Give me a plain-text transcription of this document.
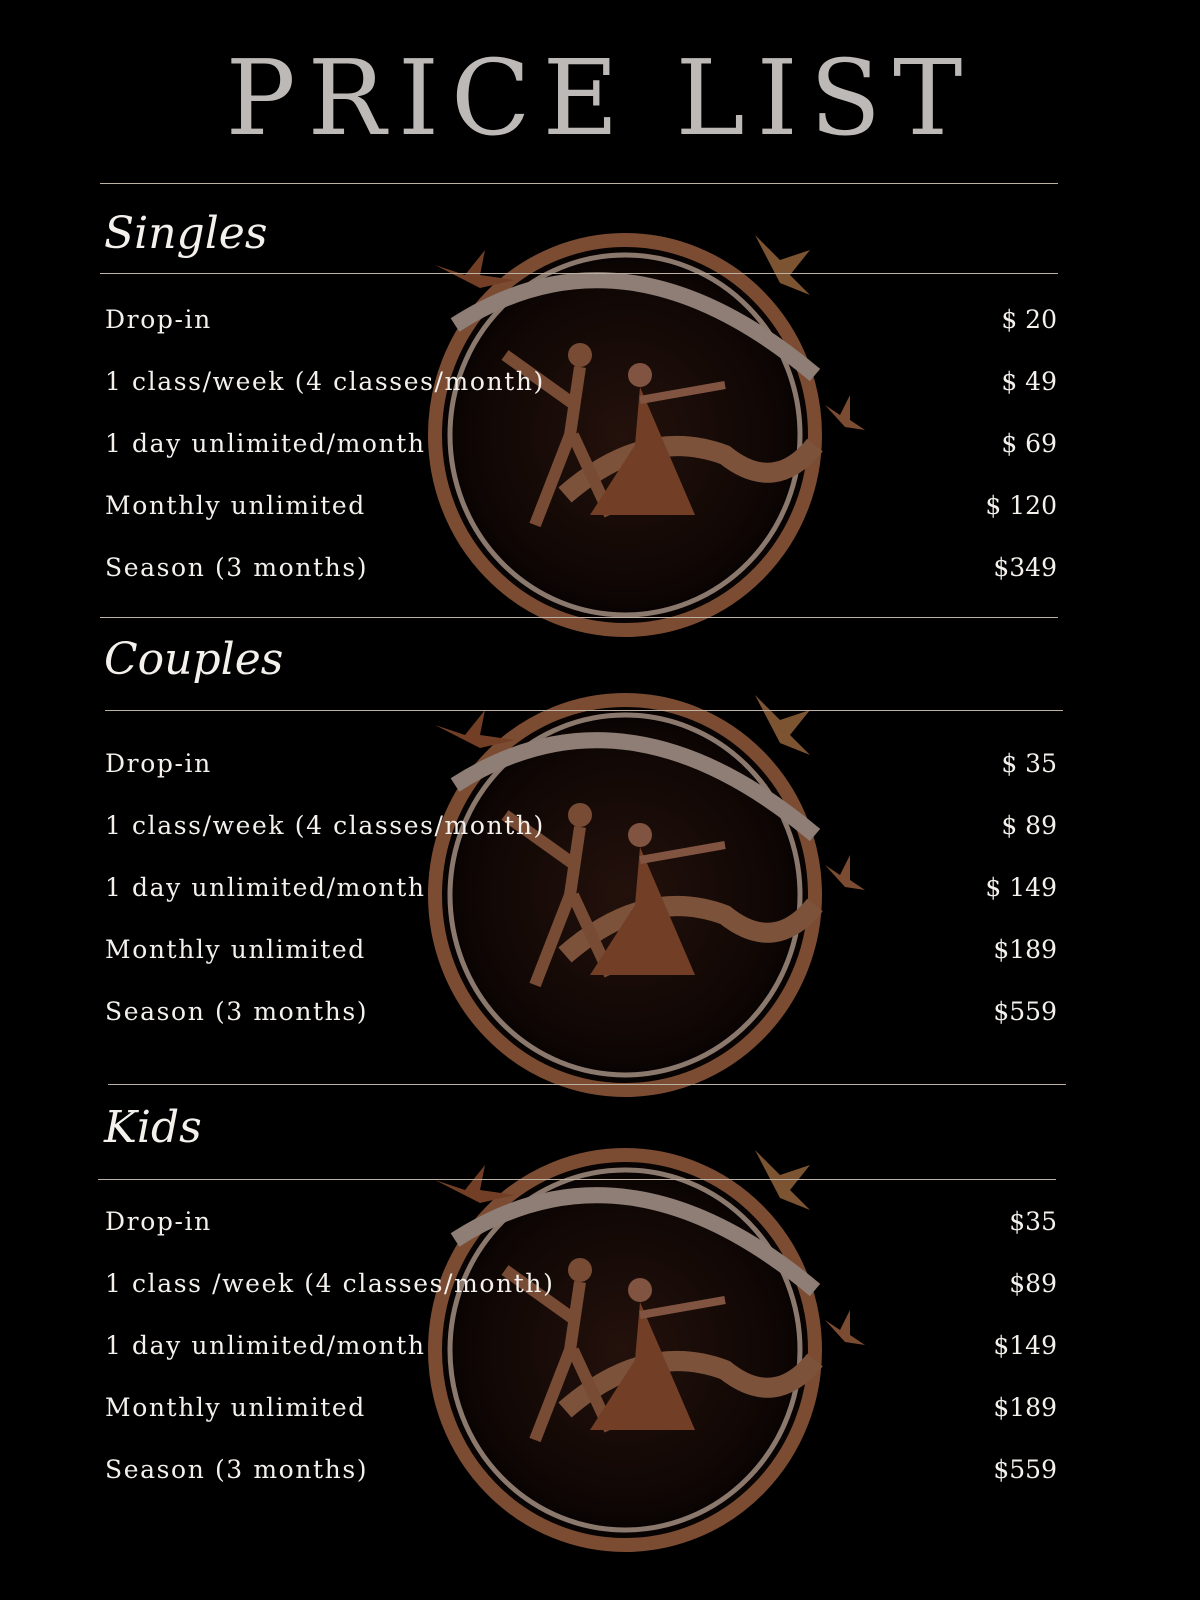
PRICE LIST
Singles
Drop-in	$ 20
1 class/week (4 classes/month)	$ 49
1 day unlimited/month	$ 69
Monthly unlimited	$ 120
Season (3 months)	$349
Couples
Drop-in	$ 35
1 class/week (4 classes/month)	$ 89
1 day unlimited/month	$ 149
Monthly unlimited	$189
Season (3 months)	$559
Kids
Drop-in	$35
1 class /week (4 classes/month)	$89
1 day unlimited/month	$149
Monthly unlimited	$189
Season (3 months)	$559
